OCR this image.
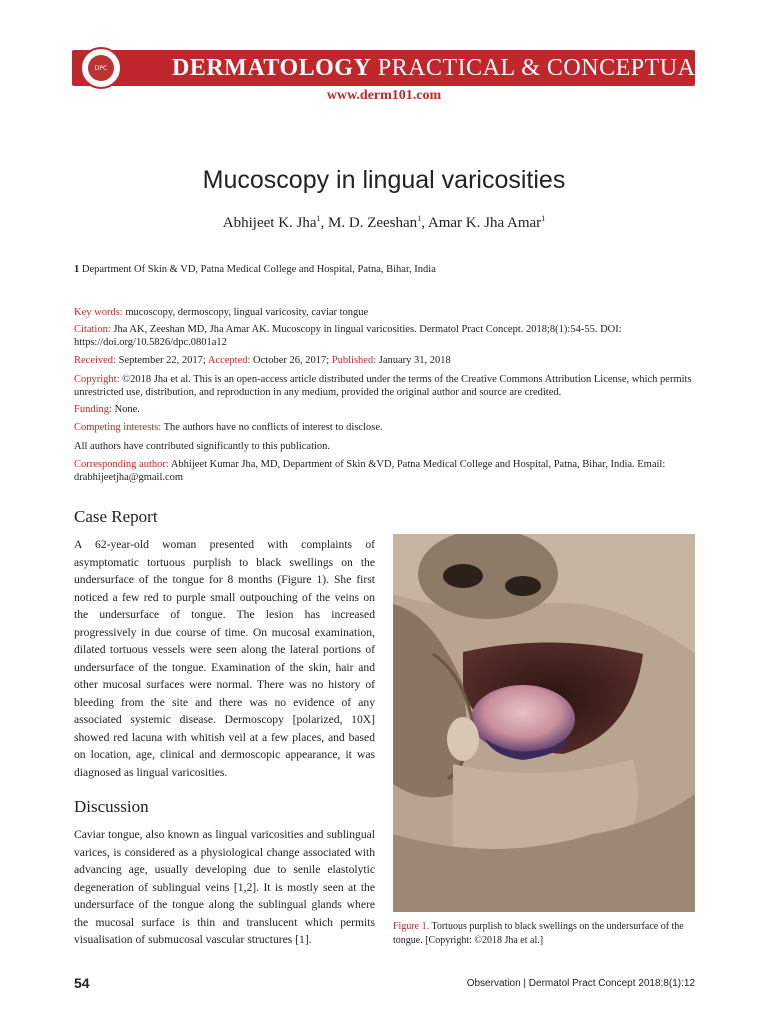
DPC	DERMATOLOGY PRACTICAL & CONCEPTUAL
www.derm101.com
Mucoscopy in lingual varicosities
Abhijeet K. Jha$^1$, M. D. Zeeshan$^1$, Amar K. Jha Amar$^1$
1 Department Of Skin & VD, Patna Medical College and Hospital, Patna, Bihar, India
Key words: mucoscopy, dermoscopy, lingual varicosity, caviar tongue
Citation: Jha AK, Zeeshan MD, Jha Amar AK. Mucoscopy in lingual varicosities. Dermatol Pract Concept. 2018;8(1):54-55. DOI: https://doi.org/10.5826/dpc.0801a12
Received: September 22, 2017; Accepted: October 26, 2017; Published: January 31, 2018
Copyright: ©2018 Jha et al. This is an open-access article distributed under the terms of the Creative Commons Attribution License, which permits unrestricted use, distribution, and reproduction in any medium, provided the original author and source are credited.
Funding: None.
Competing interests: The authors have no conflicts of interest to disclose.
All authors have contributed significantly to this publication.
Corresponding author: Abhijeet Kumar Jha, MD, Department of Skin &VD, Patna Medical College and Hospital, Patna, Bihar, India. Email: drabhijeetjha@gmail.com
Case Report
A 62-year-old woman presented with complaints of asymptomatic tortuous purplish to black swellings on the undersurface of the tongue for 8 months (Figure 1). She first noticed a few red to purple small outpouching of the veins on the undersurface of tongue. The lesion has increased progressively in due course of time. On mucosal examination, dilated tortuous vessels were seen along the lateral portions of undersurface of the tongue. Examination of the skin, hair and other mucosal surfaces were normal. There was no history of bleeding from the site and there was no evidence of any associated systemic disease. Dermoscopy [polarized, 10X] showed red lacuna with whitish veil at a few places, and based on location, age, clinical and dermoscopic appearance, it was diagnosed as lingual varicosities.
Discussion
Caviar tongue, also known as lingual varicosities and sublingual varices, is considered as a physiological change associated with advancing age, usually developing due to senile elastolytic degeneration of sublingual veins [1,2]. It is mostly seen at the undersurface of the tongue along the sublingual glands where the mucosal surface is thin and translucent which permits visualisation of submucosal vascular structures [1].
Figure 1. Tortuous purplish to black swellings on the undersurface of the tongue. [Copyright: ©2018 Jha et al.]
54	Observation | Dermatol Pract Concept 2018;8(1):12
